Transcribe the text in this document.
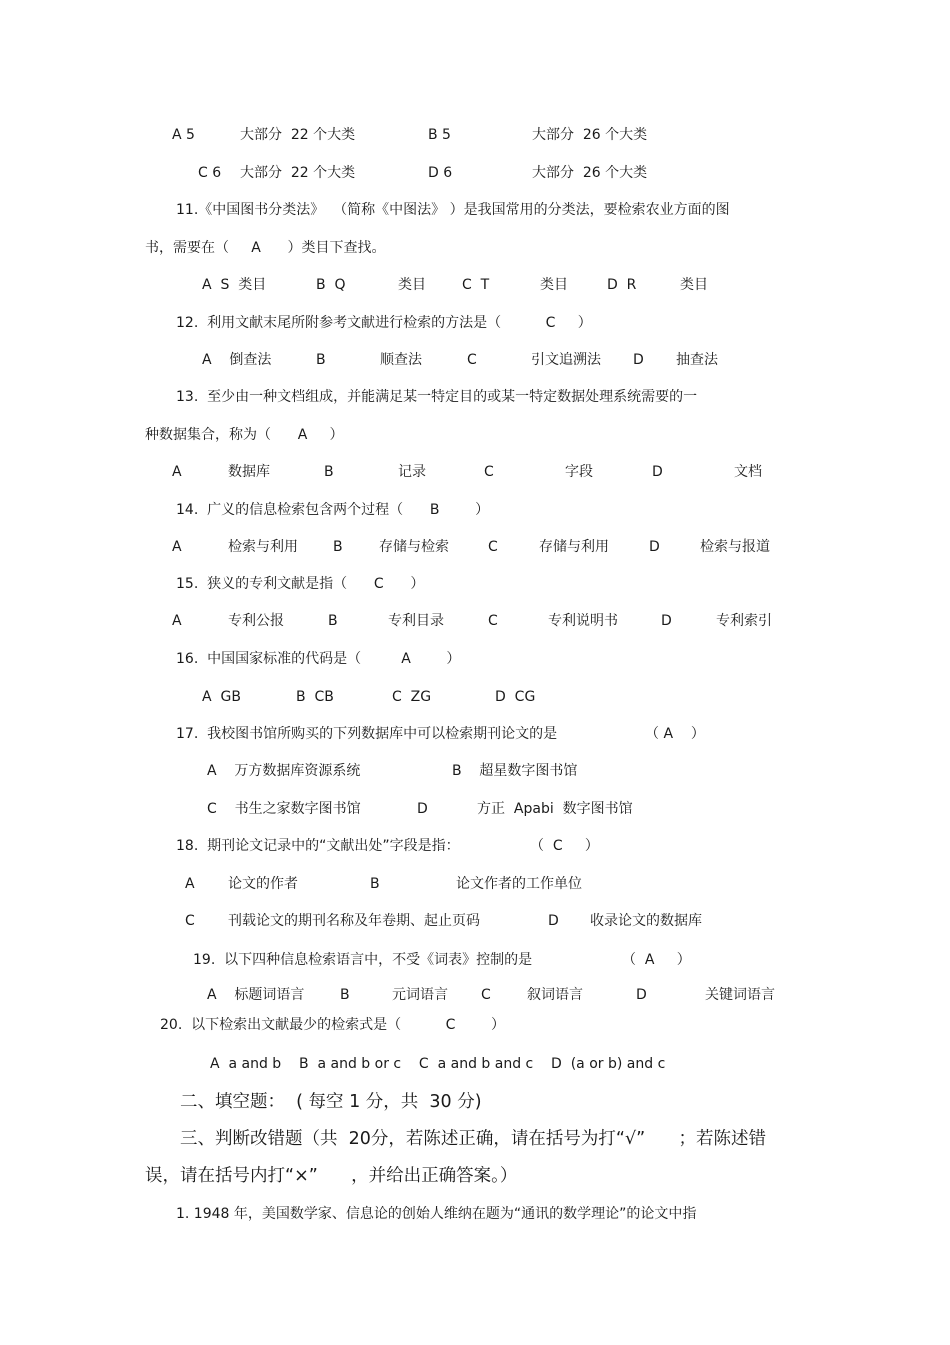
A 5	大部分  22 个大类	B 5	大部分  26 个大类
C 6 大部分  22 个大类	D 6	大部分  26 个大类
11.《中国图书分类法》  （简称《中图法》 ）是我国常用的分类法，要检索农业方面的图
书，需要在（     A      ）类目下查找。
A  S  类目	B  Q	类目	C  T	类目	D  R	类目
12.  利用文献末尾所附参考文献进行检索的方法是（          C     ）
A    倒查法	B	顺查法	C	引文追溯法 D 抽查法
13.  至少由一种文档组成，并能满足某一特定目的或某一特定数据处理系统需要的一
种数据集合，称为（      A     ）
A	数据库	B	记录	C	字段	D	文档
14.  广义的信息检索包含两个过程（      B        ）
A	检索与利用	B	存储与检索	C	存储与利用	D	检索与报道
15.  狭义的专利文献是指（      C      ）
A	专利公报	B	专利目录	C	专利说明书	D	专利索引
16.  中国国家标准的代码是（         A        ）
A  GB	B  CB	C  ZG	D  CG
17.  我校图书馆所购买的下列数据库中可以检索期刊论文的是	（ A    ）
A    万方数据库资源系统	B    超星数字图书馆
C    书生之家数字图书馆	D	方正  Apabi  数字图书馆
18.  期刊论文记录中的“文献出处”字段是指：	（  C     ）
A 论文的作者	B	论文作者的工作单位
C 刊载论文的期刊名称及年卷期、起止页码	D 收录论文的数据库
19.  以下四种信息检索语言中，不受《词表》控制的是	（  A     ）
A    标题词语言	B	元词语言 C	叙词语言	D	关键词语言
20.  以下检索出文献最少的检索式是（          C        ）
A  a and b    B  a and b or c    C  a and b and c    D  (a or b) and c
二、填空题：  ( 每空 1 分，共  30 分)
三、判断改错题（共  20分，若陈述正确，请在括号为打“√”      ；若陈述错
误，请在括号内打“×”      ，并给出正确答案。）
1. 1948 年，美国数学家、信息论的创始人维纳在题为“通讯的数学理论”的论文中指
